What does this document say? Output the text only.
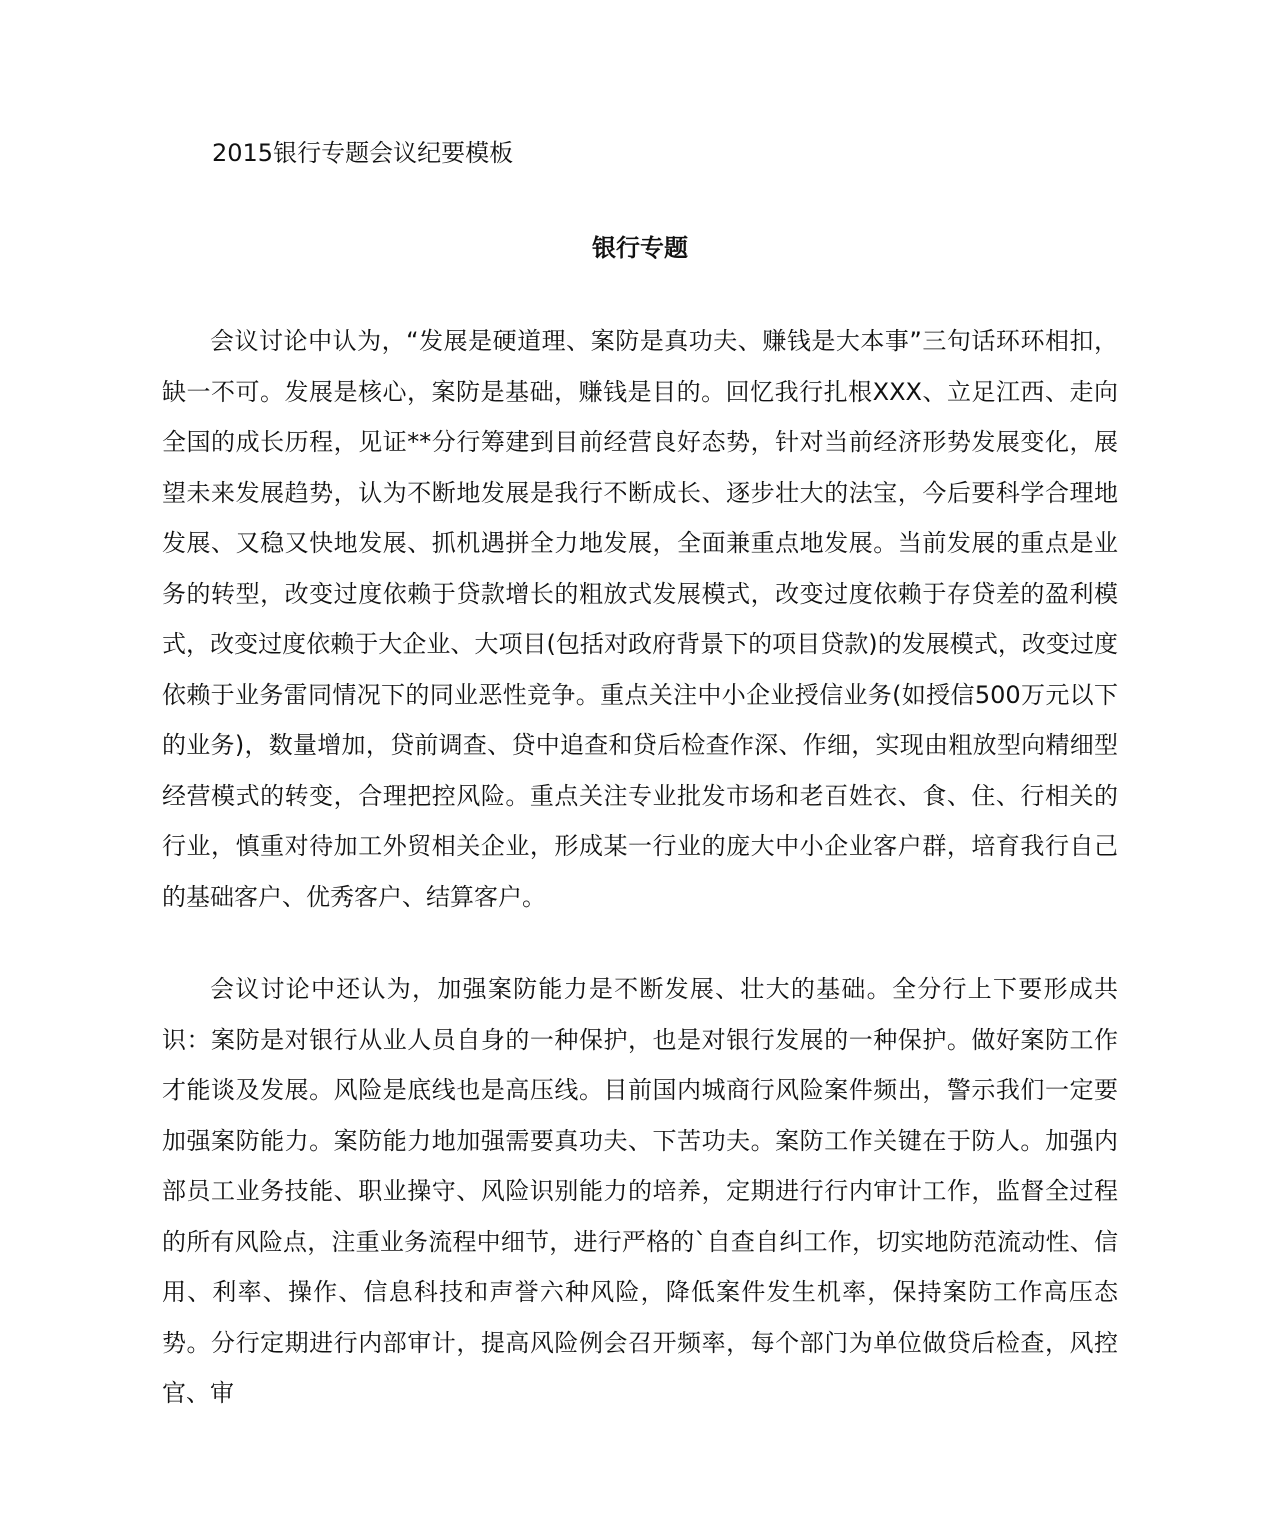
2015银行专题会议纪要模板
银行专题

会议讨论中认为，“发展是硬道理、案防是真功夫、赚钱是大本事”三句话环环相扣，缺一不可。发展是核心，案防是基础，赚钱是目的。回忆我行扎根XXX、立足江西、走向全国的成长历程，见证**分行筹建到目前经营良好态势，针对当前经济形势发展变化，展望未来发展趋势，认为不断地发展是我行不断成长、逐步壮大的法宝，今后要科学合理地发展、又稳又快地发展、抓机遇拼全力地发展，全面兼重点地发展。当前发展的重点是业务的转型，改变过度依赖于贷款增长的粗放式发展模式，改变过度依赖于存贷差的盈利模式，改变过度依赖于大企业、大项目(包括对政府背景下的项目贷款)的发展模式，改变过度依赖于业务雷同情况下的同业恶性竞争。重点关注中小企业授信业务(如授信500万元以下的业务)，数量增加，贷前调查、贷中追查和贷后检查作深、作细，实现由粗放型向精细型经营模式的转变，合理把控风险。重点关注专业批发市场和老百姓衣、食、住、行相关的行业，慎重对待加工外贸相关企业，形成某一行业的庞大中小企业客户群，培育我行自己的基础客户、优秀客户、结算客户。

会议讨论中还认为，加强案防能力是不断发展、壮大的基础。全分行上下要形成共识：案防是对银行从业人员自身的一种保护，也是对银行发展的一种保护。做好案防工作才能谈及发展。风险是底线也是高压线。目前国内城商行风险案件频出，警示我们一定要加强案防能力。案防能力地加强需要真功夫、下苦功夫。案防工作关键在于防人。加强内部员工业务技能、职业操守、风险识别能力的培养，定期进行行内审计工作，监督全过程的所有风险点，注重业务流程中细节，进行严格的`自查自纠工作，切实地防范流动性、信用、利率、操作、信息科技和声誉六种风险，降低案件发生机率，保持案防工作高压态势。分行定期进行内部审计，提高风险例会召开频率，每个部门为单位做贷后检查，风控官、审
